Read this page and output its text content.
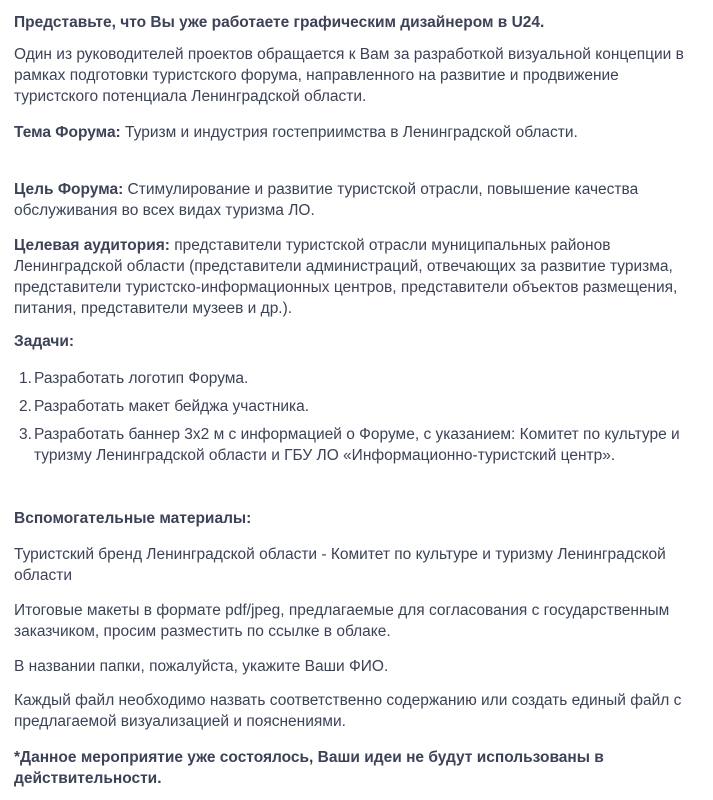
Представьте, что Вы уже работаете графическим дизайнером в U24.

Один из руководителей проектов обращается к Вам за разработкой визуальной концепции в рамках подготовки туристского форума, направленного на развитие и продвижение туристского потенциала Ленинградской области.

Тема Форума: Туризм и индустрия гостеприимства в Ленинградской области.

Цель Форума: Стимулирование и развитие туристской отрасли, повышение качества обслуживания во всех видах туризма ЛО.

Целевая аудитория: представители туристской отрасли муниципальных районов Ленинградской области (представители администраций, отвечающих за развитие туризма, представители туристско-информационных центров, представители объектов размещения, питания, представители музеев и др.).

Задачи:

1. Разработать логотип Форума.
2. Разработать макет бейджа участника.
3. Разработать баннер 3х2 м с информацией о Форуме, с указанием: Комитет по культуре и
туризму Ленинградской области и ГБУ ЛО «Информационно-туристский центр».

Вспомогательные материалы:

Туристский бренд Ленинградской области - Комитет по культуре и туризму Ленинградской области

Итоговые макеты в формате pdf/jpeg, предлагаемые для согласования с государственным заказчиком, просим разместить по ссылке в облаке.

В названии папки, пожалуйста, укажите Ваши ФИО.

Каждый файл необходимо назвать соответственно содержанию или создать единый файл с предлагаемой визуализацией и пояснениями.

*Данное мероприятие уже состоялось, Ваши идеи не будут использованы в действительности.
